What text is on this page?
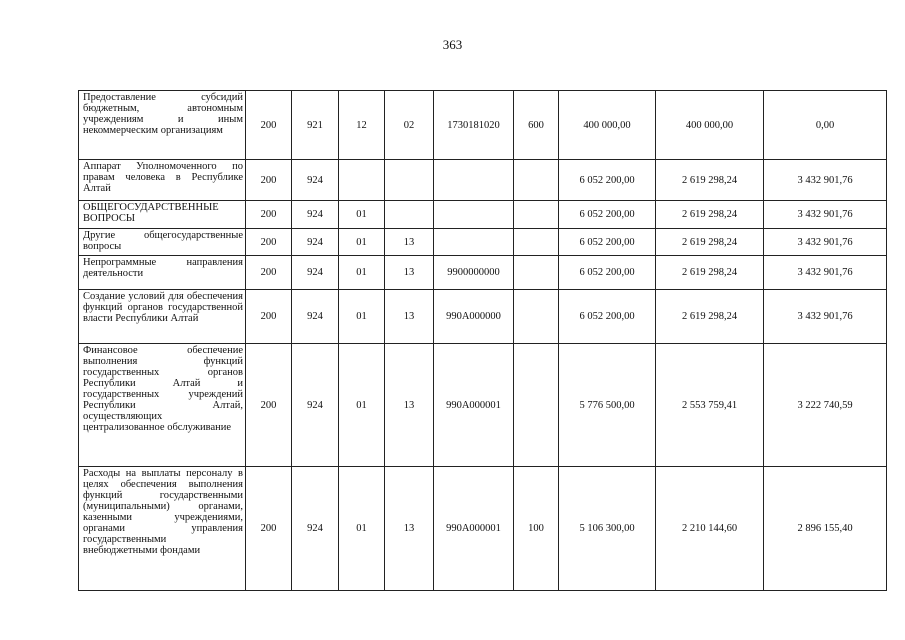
363
Предоставление субсидий бюджетным, автономным учреждениям и иным некоммерческим организациям	200	921	12	02	1730181020	600	400 000,00	400 000,00	0,00
Аппарат Уполномоченного по правам человека в Республике Алтай	200	924					6 052 200,00	2 619 298,24	3 432 901,76
ОБЩЕГОСУДАРСТВЕННЫЕ ВОПРОСЫ	200	924	01				6 052 200,00	2 619 298,24	3 432 901,76
Другие общегосударственные вопросы	200	924	01	13			6 052 200,00	2 619 298,24	3 432 901,76
Непрограммные направления деятельности	200	924	01	13	9900000000		6 052 200,00	2 619 298,24	3 432 901,76
Создание условий для обеспечения функций органов государственной власти Республики Алтай	200	924	01	13	990А000000		6 052 200,00	2 619 298,24	3 432 901,76
Финансовое обеспечение выполнения функций государственных органов Республики Алтай и государственных учреждений Республики Алтай, осуществляющих централизованное обслуживание	200	924	01	13	990А000001		5 776 500,00	2 553 759,41	3 222 740,59
Расходы на выплаты персоналу в целях обеспечения выполнения функций государственными (муниципальными) органами, казенными учреждениями, органами управления государственными внебюджетными фондами	200	924	01	13	990А000001	100	5 106 300,00	2 210 144,60	2 896 155,40
